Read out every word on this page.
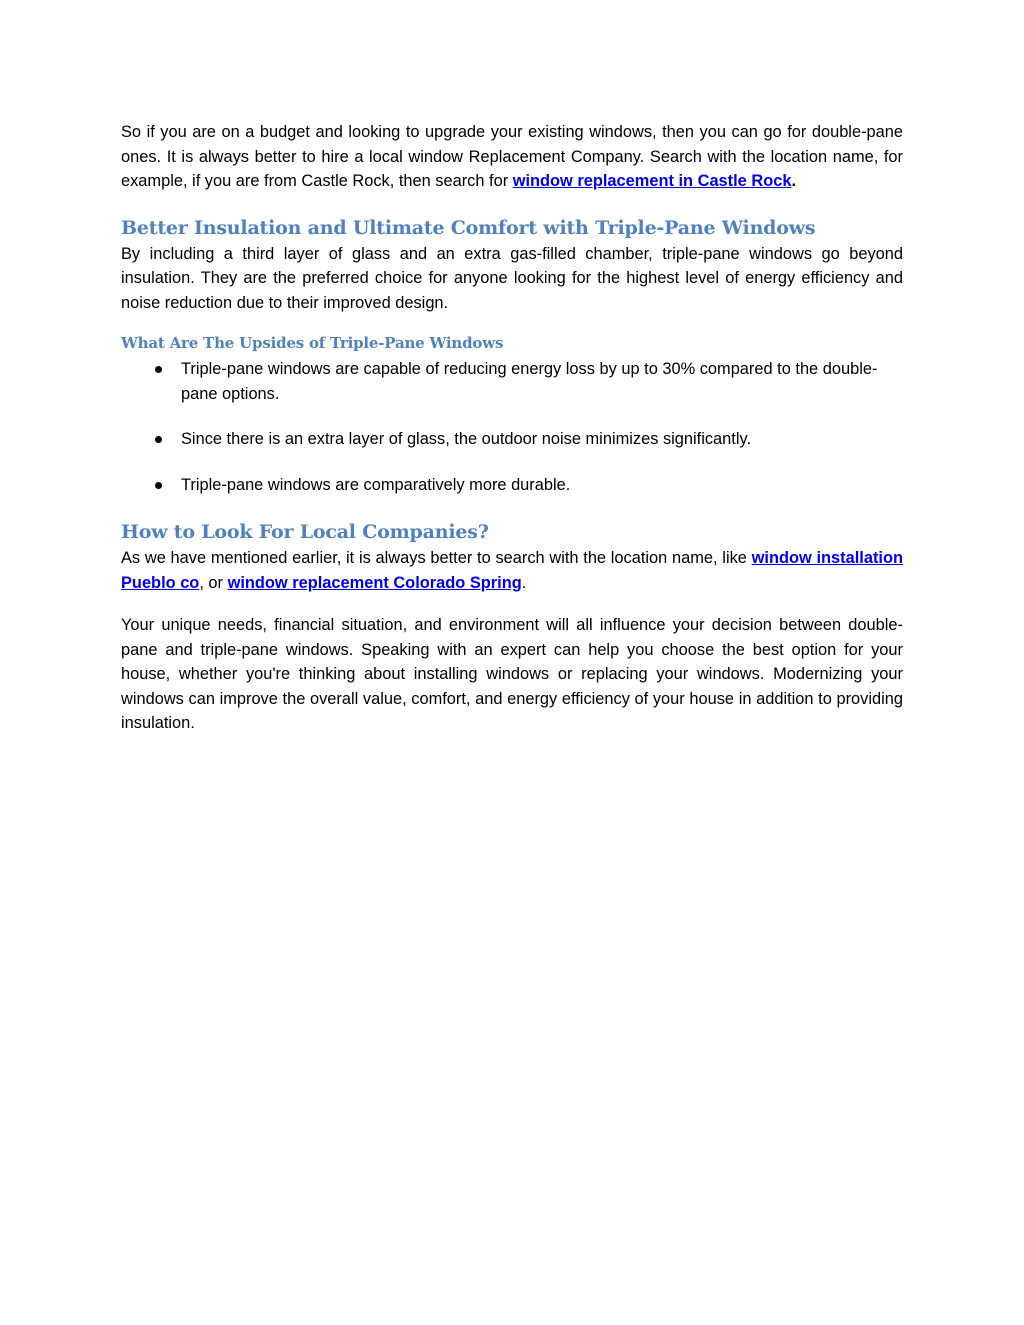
So if you are on a budget and looking to upgrade your existing windows, then you can go for double-pane ones. It is always better to hire a local window Replacement Company. Search with the location name, for example, if you are from Castle Rock, then search for window replacement in Castle Rock.

Better Insulation and Ultimate Comfort with Triple-Pane Windows

By including a third layer of glass and an extra gas-filled chamber, triple-pane windows go beyond insulation. They are the preferred choice for anyone looking for the highest level of energy efficiency and noise reduction due to their improved design.

What Are The Upsides of Triple-Pane Windows
Triple-pane windows are capable of reducing energy loss by up to 30% compared to the double-pane options.
Since there is an extra layer of glass, the outdoor noise minimizes significantly.
Triple-pane windows are comparatively more durable.
How to Look For Local Companies?

As we have mentioned earlier, it is always better to search with the location name, like window installation Pueblo co, or window replacement Colorado Spring.

Your unique needs, financial situation, and environment will all influence your decision between double-pane and triple-pane windows. Speaking with an expert can help you choose the best option for your house, whether you're thinking about installing windows or replacing your windows. Modernizing your windows can improve the overall value, comfort, and energy efficiency of your house in addition to providing insulation.
